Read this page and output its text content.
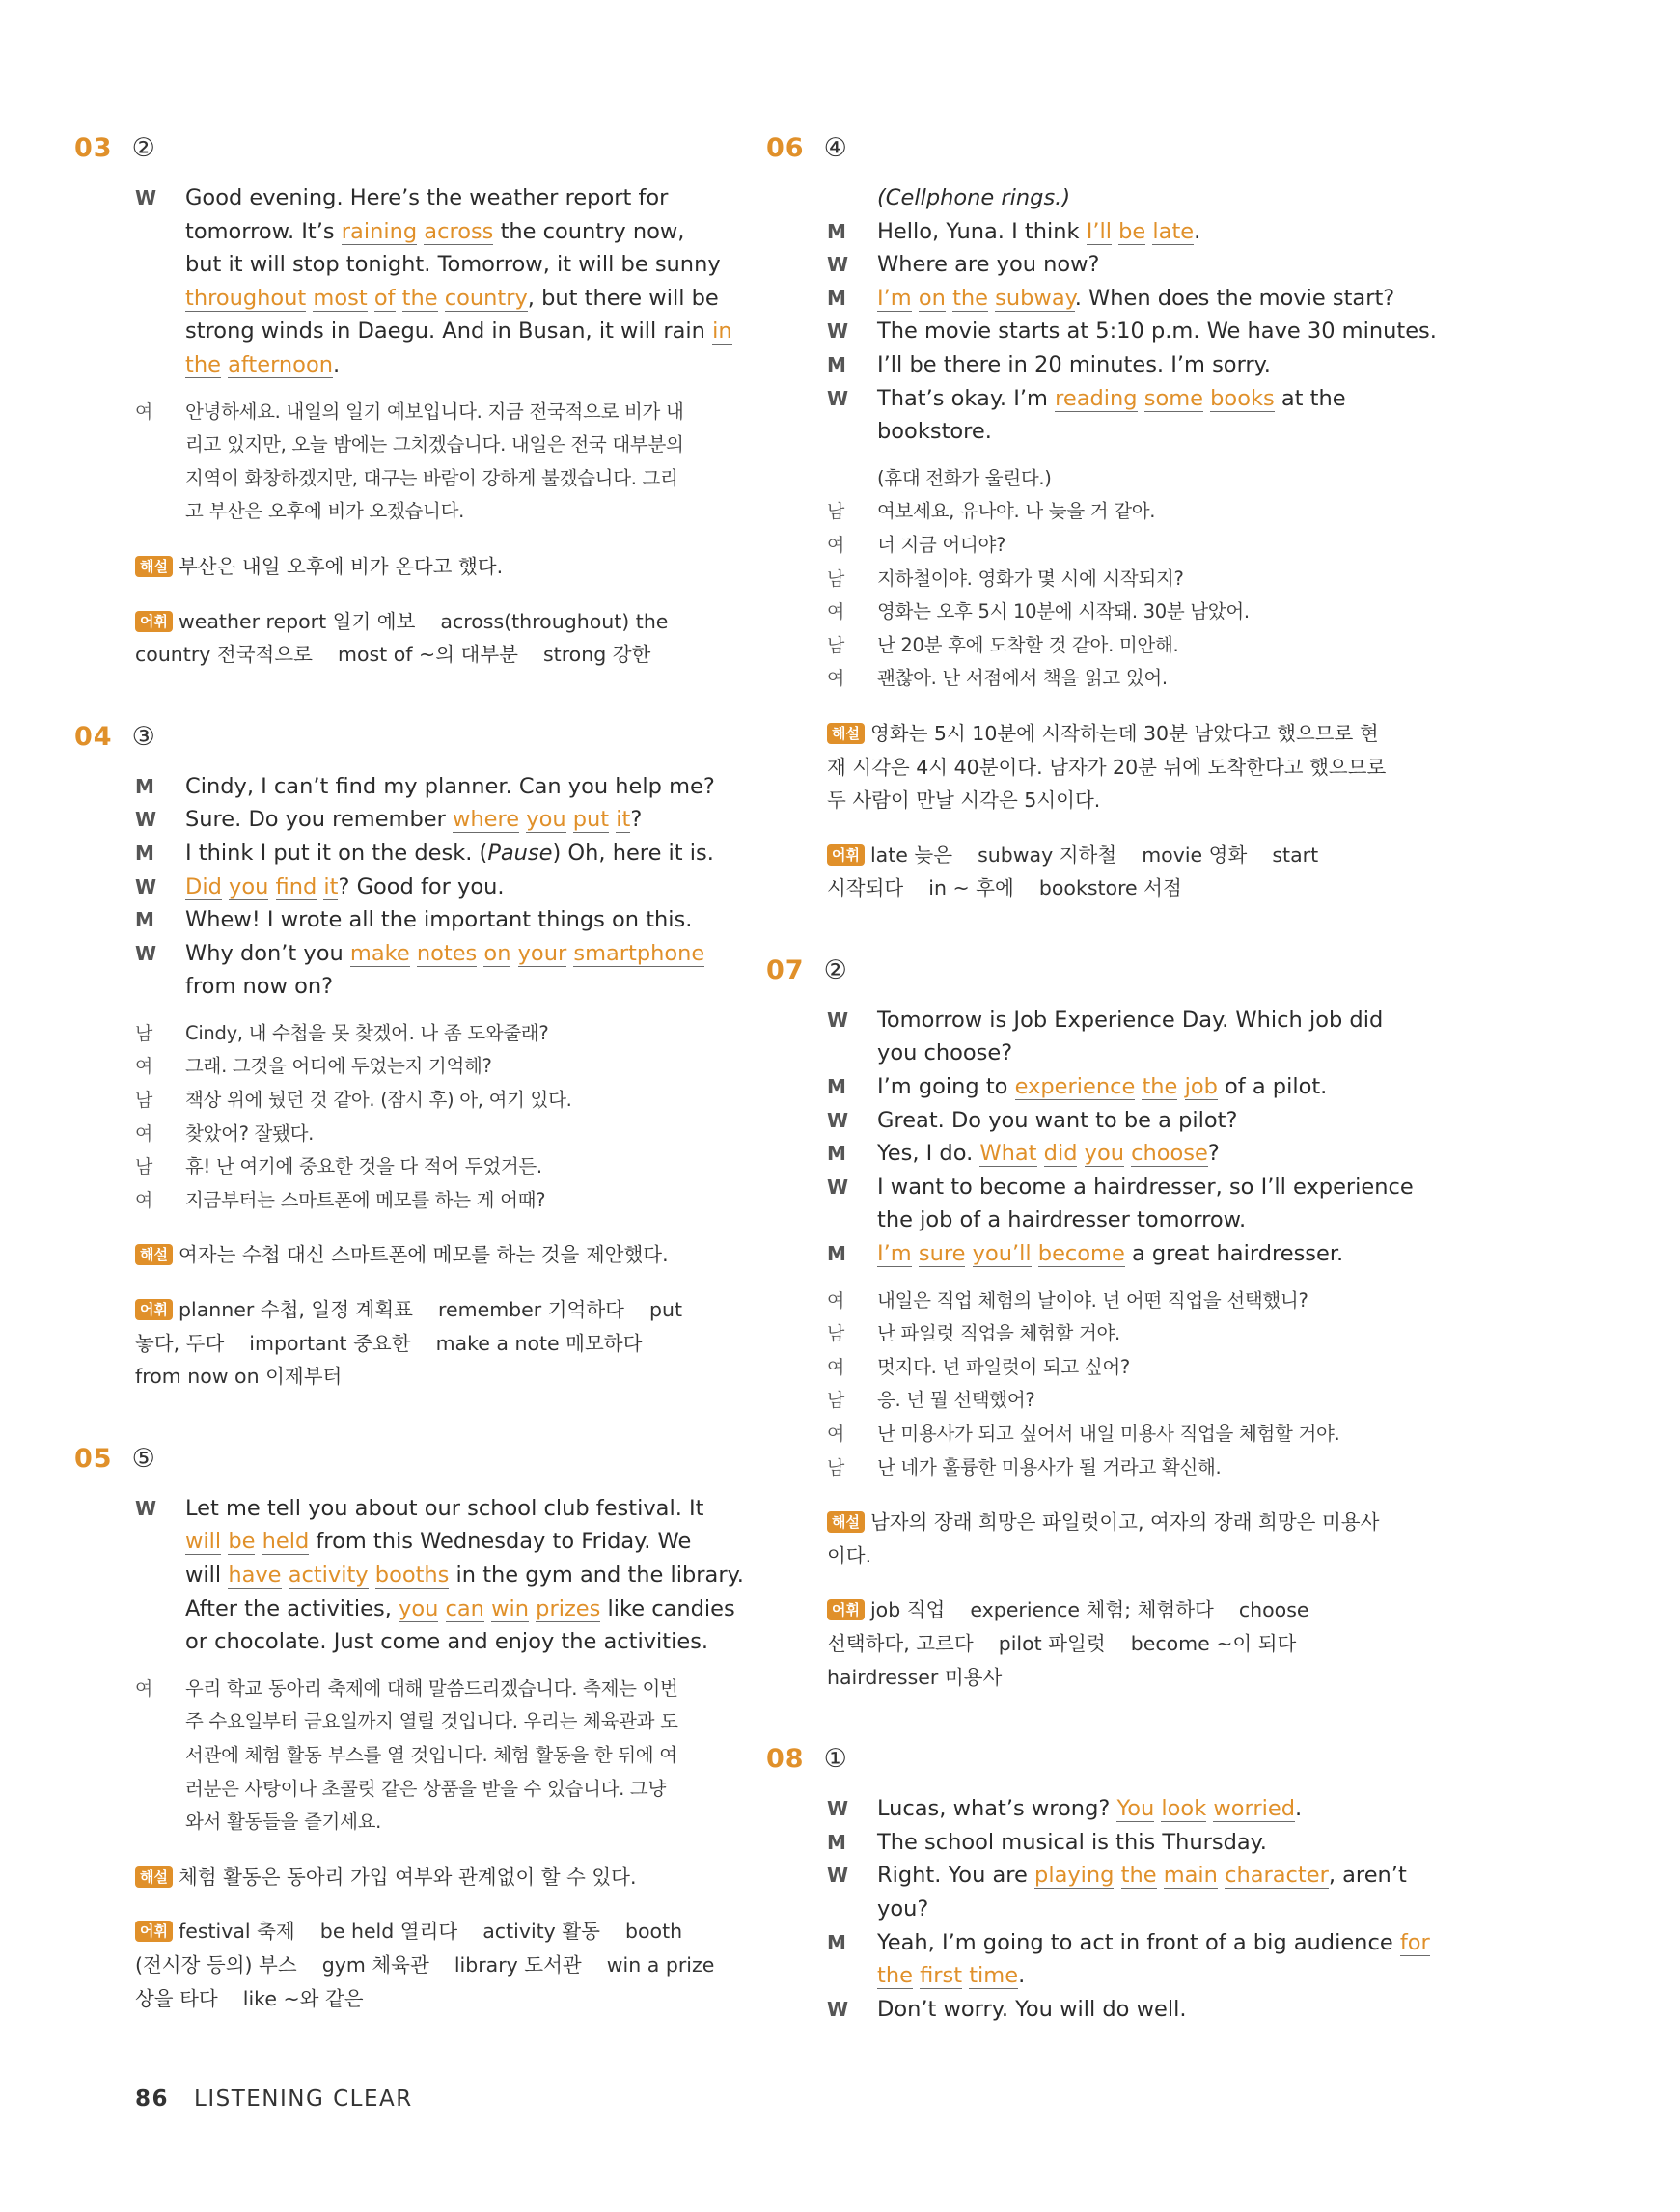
03 ②
W Good evening. Here’s the weather report for
tomorrow. It’s raining across the country now,
but it will stop tonight. Tomorrow, it will be sunny
throughout most of the country, but there will be
strong winds in Daegu. And in Busan, it will rain in
the afternoon.
여 안녕하세요. 내일의 일기 예보입니다. 지금 전국적으로 비가 내
리고 있지만, 오늘 밤에는 그치겠습니다. 내일은 전국 대부분의
지역이 화창하겠지만, 대구는 바람이 강하게 불겠습니다. 그리
고 부산은 오후에 비가 오겠습니다.
해설 부산은 내일 오후에 비가 온다고 했다.
어휘 weather report 일기 예보    across(throughout) the
country 전국적으로    most of ~의 대부분    strong 강한
04 ③
M Cindy, I can’t find my planner. Can you help me?
W Sure. Do you remember where you put it?
M I think I put it on the desk. (Pause) Oh, here it is.
W Did you find it? Good for you.
M Whew! I wrote all the important things on this.
W Why don’t you make notes on your smartphone
from now on?
남 Cindy, 내 수첩을 못 찾겠어. 나 좀 도와줄래?
여 그래. 그것을 어디에 두었는지 기억해?
남 책상 위에 뒀던 것 같아. (잠시 후) 아, 여기 있다.
여 찾았어? 잘됐다.
남 휴! 난 여기에 중요한 것을 다 적어 두었거든.
여 지금부터는 스마트폰에 메모를 하는 게 어때?
해설 여자는 수첩 대신 스마트폰에 메모를 하는 것을 제안했다.
어휘 planner 수첩, 일정 계획표    remember 기억하다    put
놓다, 두다    important 중요한    make a note 메모하다
from now on 이제부터
05 ⑤
W Let me tell you about our school club festival. It
will be held from this Wednesday to Friday. We
will have activity booths in the gym and the library.
After the activities, you can win prizes like candies
or chocolate. Just come and enjoy the activities.
여 우리 학교 동아리 축제에 대해 말씀드리겠습니다. 축제는 이번
주 수요일부터 금요일까지 열릴 것입니다. 우리는 체육관과 도
서관에 체험 활동 부스를 열 것입니다. 체험 활동을 한 뒤에 여
러분은 사탕이나 초콜릿 같은 상품을 받을 수 있습니다. 그냥
와서 활동들을 즐기세요.
해설 체험 활동은 동아리 가입 여부와 관계없이 할 수 있다.
어휘 festival 축제    be held 열리다    activity 활동    booth
(전시장 등의) 부스    gym 체육관    library 도서관    win a prize
상을 타다    like ~와 같은
06 ④
(Cellphone rings.)
M Hello, Yuna. I think I’ll be late.
W Where are you now?
M I’m on the subway. When does the movie start?
W The movie starts at 5:10 p.m. We have 30 minutes.
M I’ll be there in 20 minutes. I’m sorry.
W That’s okay. I’m reading some books at the
bookstore.
(휴대 전화가 울린다.)
남 여보세요, 유나야. 나 늦을 거 같아.
여 너 지금 어디야?
남 지하철이야. 영화가 몇 시에 시작되지?
여 영화는 오후 5시 10분에 시작돼. 30분 남았어.
남 난 20분 후에 도착할 것 같아. 미안해.
여 괜찮아. 난 서점에서 책을 읽고 있어.
해설 영화는 5시 10분에 시작하는데 30분 남았다고 했으므로 현
재 시각은 4시 40분이다. 남자가 20분 뒤에 도착한다고 했으므로
두 사람이 만날 시각은 5시이다.
어휘 late 늦은    subway 지하철    movie 영화    start
시작되다    in ~ 후에    bookstore 서점
07 ②
W Tomorrow is Job Experience Day. Which job did
you choose?
M I’m going to experience the job of a pilot.
W Great. Do you want to be a pilot?
M Yes, I do. What did you choose?
W I want to become a hairdresser, so I’ll experience
the job of a hairdresser tomorrow.
M I’m sure you’ll become a great hairdresser.
여 내일은 직업 체험의 날이야. 넌 어떤 직업을 선택했니?
남 난 파일럿 직업을 체험할 거야.
여 멋지다. 넌 파일럿이 되고 싶어?
남 응. 넌 뭘 선택했어?
여 난 미용사가 되고 싶어서 내일 미용사 직업을 체험할 거야.
남 난 네가 훌륭한 미용사가 될 거라고 확신해.
해설 남자의 장래 희망은 파일럿이고, 여자의 장래 희망은 미용사
이다.
어휘 job 직업    experience 체험; 체험하다    choose
선택하다, 고르다    pilot 파일럿    become ~이 되다
hairdresser 미용사
08 ①
W Lucas, what’s wrong? You look worried.
M The school musical is this Thursday.
W Right. You are playing the main character, aren’t
you?
M Yeah, I’m going to act in front of a big audience for
the first time.
W Don’t worry. You will do well.
86 LISTENING CLEAR
